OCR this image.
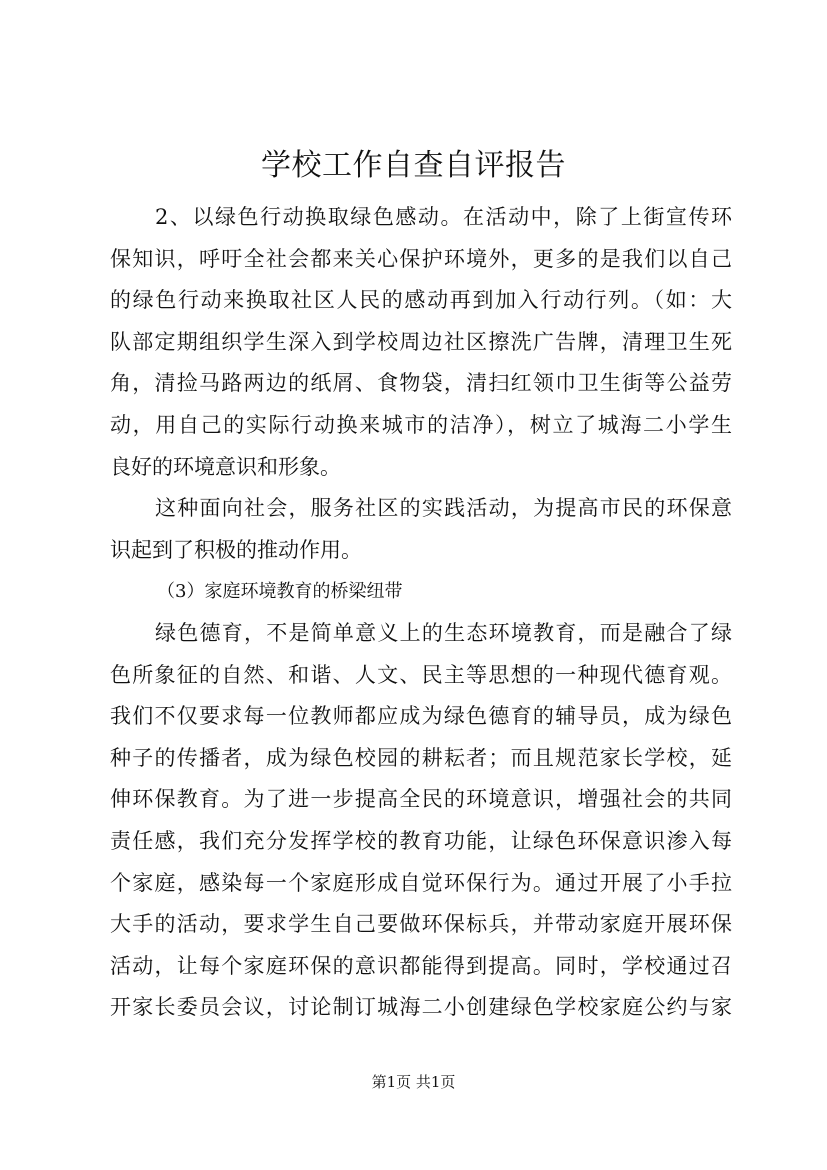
学校工作自查自评报告
2、以绿色行动换取绿色感动。在活动中，除了上街宣传环
保知识，呼吁全社会都来关心保护环境外，更多的是我们以自己
的绿色行动来换取社区人民的感动再到加入行动行列。（如：大
队部定期组织学生深入到学校周边社区擦洗广告牌，清理卫生死
角，清捡马路两边的纸屑、食物袋，清扫红领巾卫生街等公益劳
动，用自己的实际行动换来城市的洁净），树立了城海二小学生
良好的环境意识和形象。
这种面向社会，服务社区的实践活动，为提高市民的环保意
识起到了积极的推动作用。
（3）家庭环境教育的桥梁纽带
绿色德育，不是简单意义上的生态环境教育，而是融合了绿
色所象征的自然、和谐、人文、民主等思想的一种现代德育观。
我们不仅要求每一位教师都应成为绿色德育的辅导员，成为绿色
种子的传播者，成为绿色校园的耕耘者；而且规范家长学校，延
伸环保教育。为了进一步提高全民的环境意识，增强社会的共同
责任感，我们充分发挥学校的教育功能，让绿色环保意识渗入每
个家庭，感染每一个家庭形成自觉环保行为。通过开展了小手拉
大手的活动，要求学生自己要做环保标兵，并带动家庭开展环保
活动，让每个家庭环保的意识都能得到提高。同时，学校通过召
开家长委员会议，讨论制订城海二小创建绿色学校家庭公约与家
第1页 共1页
